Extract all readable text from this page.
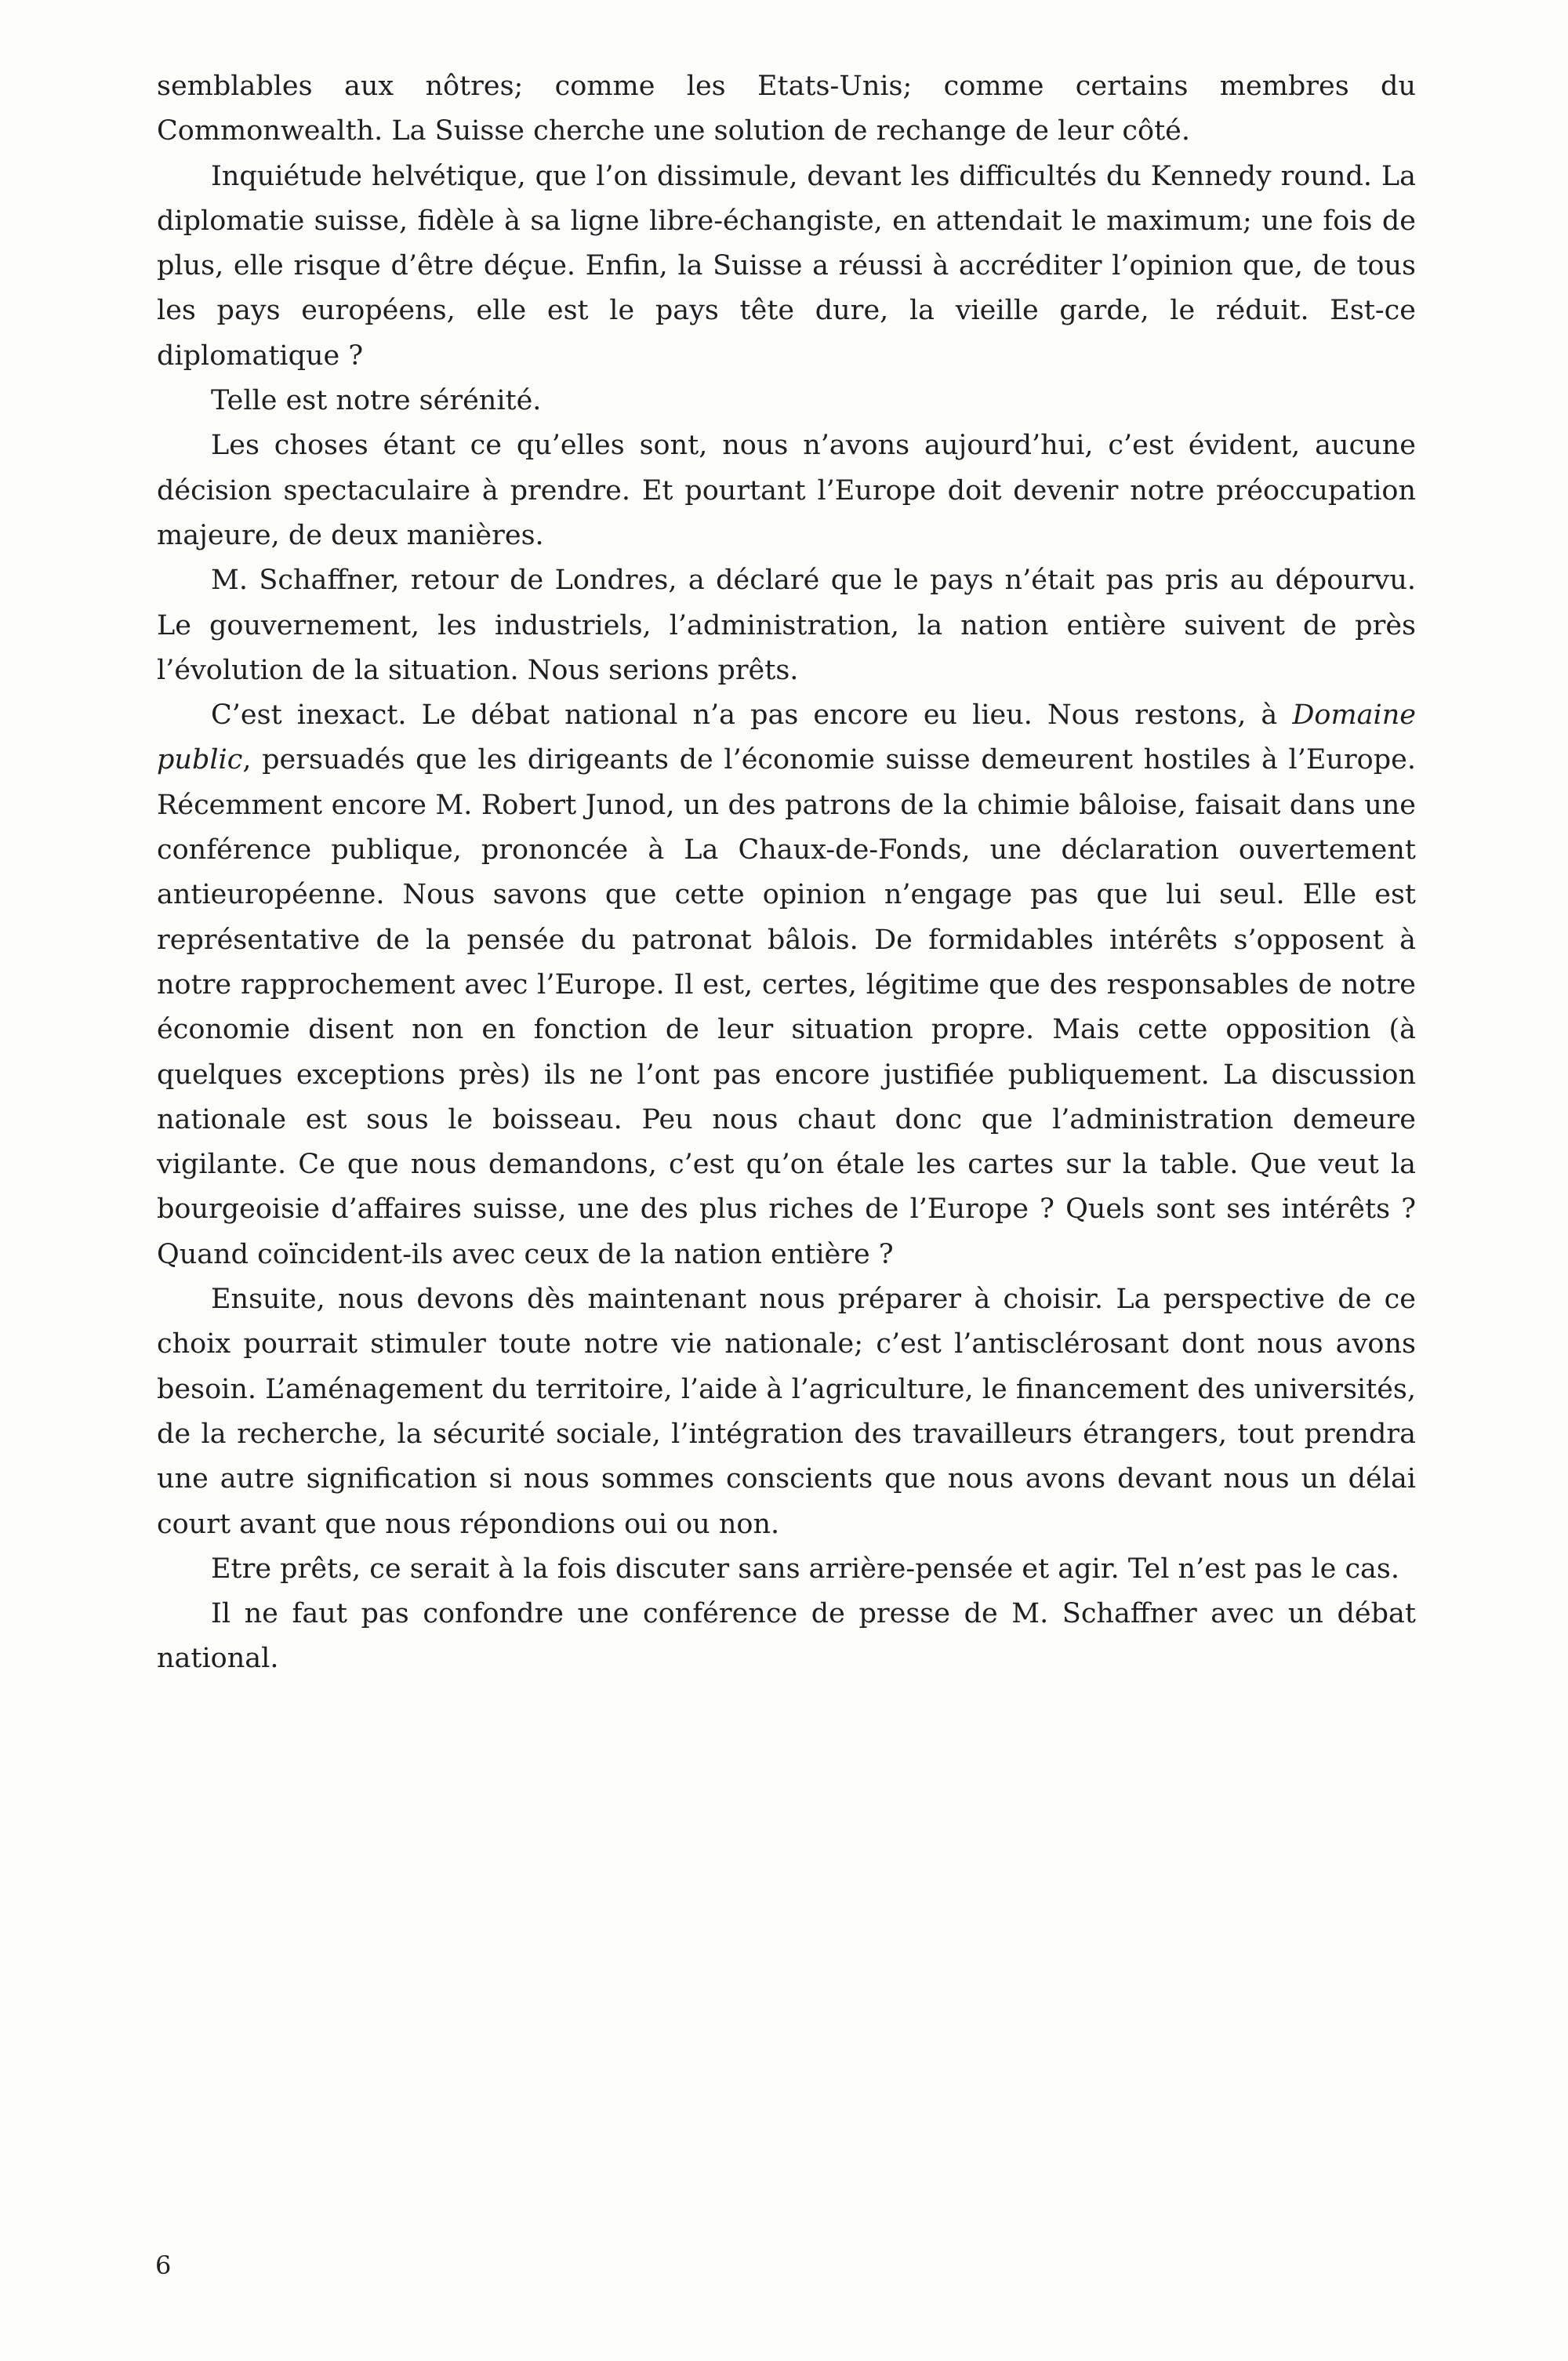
semblables aux nôtres; comme les Etats-Unis; comme certains membres du Commonwealth. La Suisse cherche une solution de rechange de leur côté.

Inquiétude helvétique, que l’on dissimule, devant les difficultés du Kennedy round. La diplomatie suisse, fidèle à sa ligne libre-échangiste, en attendait le maximum; une fois de plus, elle risque d’être déçue. Enfin, la Suisse a réussi à accréditer l’opinion que, de tous les pays européens, elle est le pays tête dure, la vieille garde, le réduit. Est-ce diplomatique ?

Telle est notre sérénité.

Les choses étant ce qu’elles sont, nous n’avons aujourd’hui, c’est évident, aucune décision spectaculaire à prendre. Et pourtant l’Europe doit devenir notre préoccupation majeure, de deux manières.

M. Schaffner, retour de Londres, a déclaré que le pays n’était pas pris au dépourvu. Le gouvernement, les industriels, l’administration, la nation entière suivent de près l’évolution de la situation. Nous serions prêts.

C’est inexact. Le débat national n’a pas encore eu lieu. Nous restons, à Domaine public, persuadés que les dirigeants de l’économie suisse demeurent hostiles à l’Europe. Récemment encore M. Robert Junod, un des patrons de la chimie bâloise, faisait dans une conférence publique, prononcée à La Chaux-de-Fonds, une déclaration ouvertement antieuropéenne. Nous savons que cette opinion n’engage pas que lui seul. Elle est représentative de la pensée du patronat bâlois. De formidables intérêts s’opposent à notre rapprochement avec l’Europe. Il est, certes, légitime que des responsables de notre économie disent non en fonction de leur situation propre. Mais cette opposition (à quelques exceptions près) ils ne l’ont pas encore justifiée publiquement. La discussion nationale est sous le boisseau. Peu nous chaut donc que l’administration demeure vigilante. Ce que nous demandons, c’est qu’on étale les cartes sur la table. Que veut la bourgeoisie d’affaires suisse, une des plus riches de l’Europe ? Quels sont ses intérêts ? Quand coïncident-ils avec ceux de la nation entière ?

Ensuite, nous devons dès maintenant nous préparer à choisir. La perspective de ce choix pourrait stimuler toute notre vie nationale; c’est l’antisclérosant dont nous avons besoin. L’aménagement du territoire, l’aide à l’agriculture, le financement des universités, de la recherche, la sécurité sociale, l’intégration des travailleurs étrangers, tout prendra une autre signification si nous sommes conscients que nous avons devant nous un délai court avant que nous répondions oui ou non.

Etre prêts, ce serait à la fois discuter sans arrière-pensée et agir. Tel n’est pas le cas.

Il ne faut pas confondre une conférence de presse de M. Schaffner avec un débat national.

6
